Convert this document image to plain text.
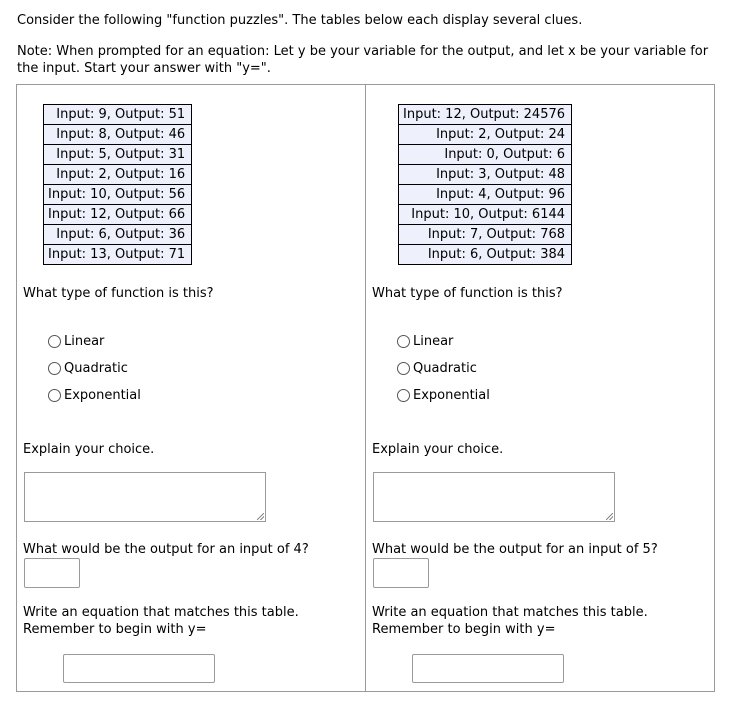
Consider the following "function puzzles". The tables below each display several clues.

Note: When prompted for an equation: Let y be your variable for the output, and let x be your variable for the input. Start your answer with "y=".

Input: 9, Output: 51
Input: 8, Output: 46
Input: 5, Output: 31
Input: 2, Output: 16
Input: 10, Output: 56
Input: 12, Output: 66
Input: 6, Output: 36
Input: 13, Output: 71
What type of function is this?
Linear
Quadratic
Exponential
Explain your choice.
What would be the output for an input of 4?
Write an equation that matches this table.
Remember to begin with y=
Input: 12, Output: 24576
Input: 2, Output: 24
Input: 0, Output: 6
Input: 3, Output: 48
Input: 4, Output: 96
Input: 10, Output: 6144
Input: 7, Output: 768
Input: 6, Output: 384
What type of function is this?
Linear
Quadratic
Exponential
Explain your choice.
What would be the output for an input of 5?
Write an equation that matches this table.
Remember to begin with y=
